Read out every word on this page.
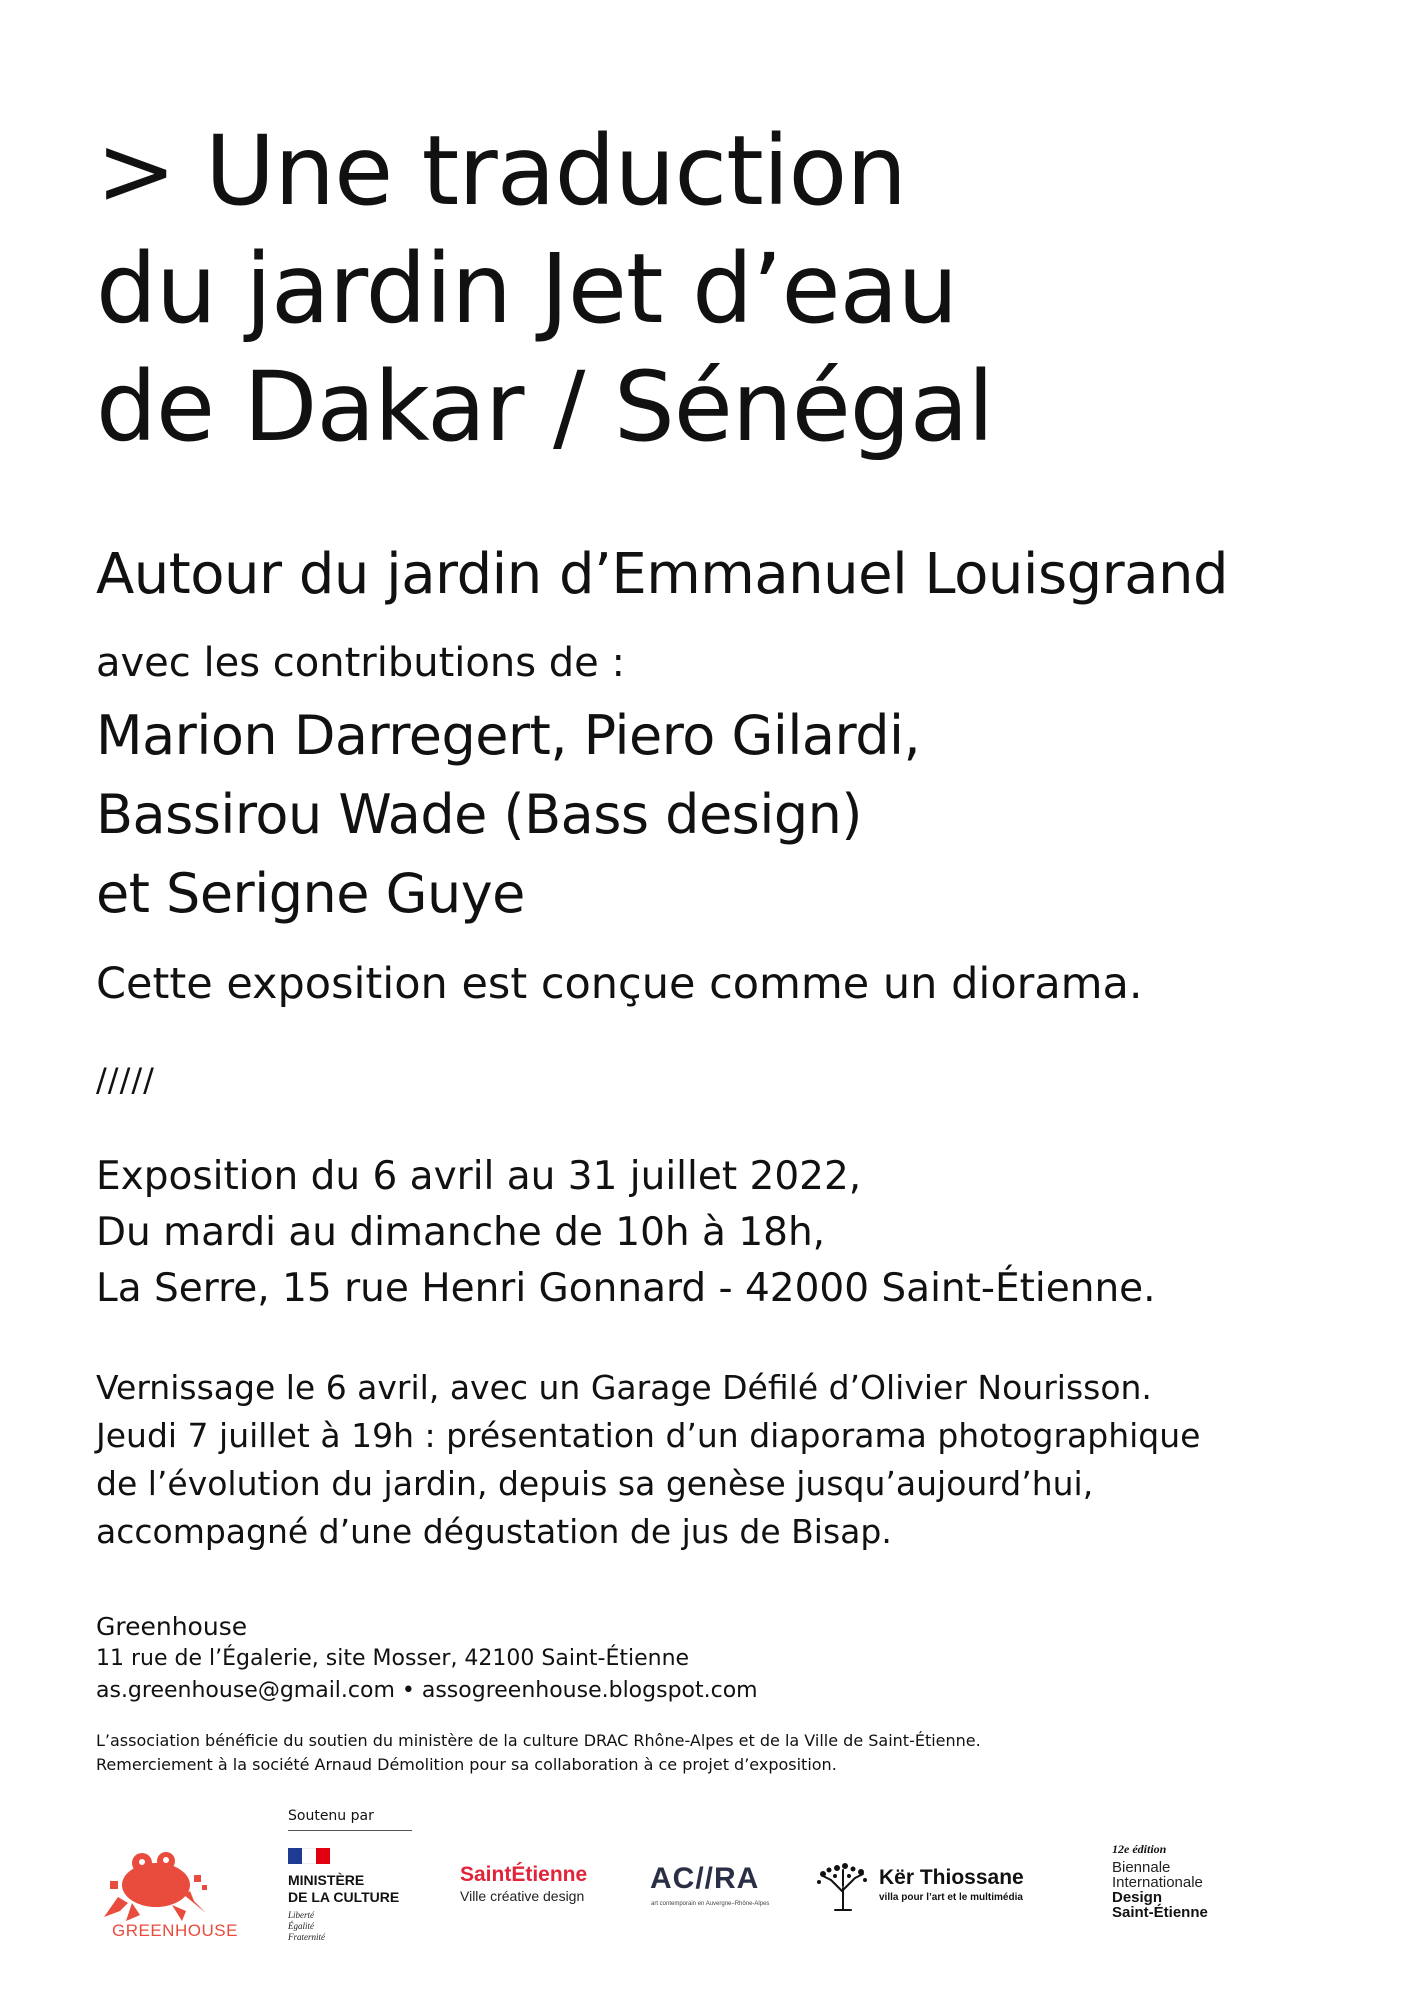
> Une traduction
du jardin Jet d’eau
de Dakar / Sénégal
Autour du jardin d’Emmanuel Louisgrand
avec les contributions de :
Marion Darregert, Piero Gilardi,
Bassirou Wade (Bass design)
et Serigne Guye
Cette exposition est conçue comme un diorama.
/////
Exposition du 6 avril au 31 juillet 2022,
Du mardi au dimanche de 10h à 18h,
La Serre, 15 rue Henri Gonnard - 42000 Saint-Étienne.
Vernissage le 6 avril, avec un Garage Défilé d’Olivier Nourisson.
Jeudi 7 juillet à 19h : présentation d’un diaporama photographique
de l’évolution du jardin, depuis sa genèse jusqu’aujourd’hui,
accompagné d’une dégustation de jus de Bisap.
Greenhouse
11 rue de l’Égalerie, site Mosser, 42100 Saint-Étienne
as.greenhouse@gmail.com • assogreenhouse.blogspot.com
L’association bénéficie du soutien du ministère de la culture DRAC Rhône-Alpes et de la Ville de Saint-Étienne.
Remerciement à la société Arnaud Démolition pour sa collaboration à ce projet d’exposition.
Soutenu par
GREENHOUSE
MINISTÈRE
DE LA CULTURE
Liberté
Égalité
Fraternité
SaintÉtienne
Ville créative design
AC//RA
art contemporain en Auvergne–Rhône-Alpes
Kër Thiossane
villa pour l’art et le multimédia
12e édition
Biennale
Internationale
Design
Saint-Étienne
